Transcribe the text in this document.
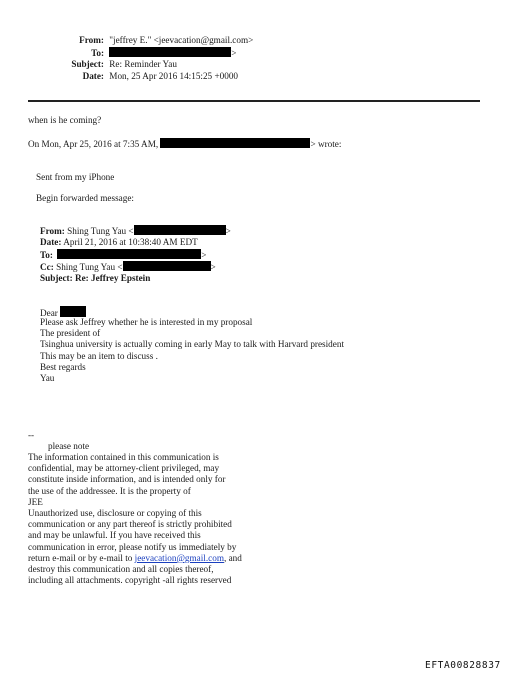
From: "jeffrey E." <jeevacation@gmail.com>
To:	>
Subject: Re: Reminder Yau
Date: Mon, 25 Apr 2016 14:15:25 +0000
when is he coming?
On Mon, Apr 25, 2016 at 7:35 AM,	> wrote:
Sent from my iPhone
Begin forwarded message:
From: Shing Tung Yau <	>
Date: April 21, 2016 at 10:38:40 AM EDT
To:	>
Cc: Shing Tung Yau <	>
Subject: Re: Jeffrey Epstein
Dear
Please ask Jeffrey whether he is interested in my proposal
The president of
Tsinghua university is actually coming in early May to talk with Harvard president
This may be an item to discuss .
Best regards
Yau
--
please note
The information contained in this communication is
confidential, may be attorney-client privileged, may
constitute inside information, and is intended only for
the use of the addressee. It is the property of
JEE
Unauthorized use, disclosure or copying of this
communication or any part thereof is strictly prohibited
and may be unlawful. If you have received this
communication in error, please notify us immediately by
return e-mail or by e-mail to jeevacation@gmail.com, and
destroy this communication and all copies thereof,
including all attachments. copyright -all rights reserved
EFTA00828837
